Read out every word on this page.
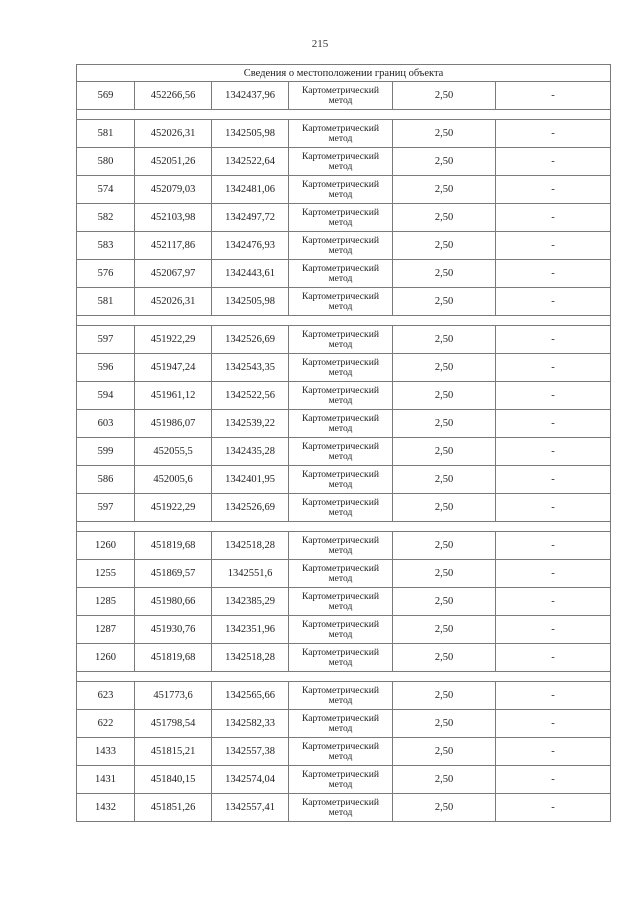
215
Сведения о местоположении границ объекта					
569	452266,56	1342437,96	Картометрический метод	2,50	-

581	452026,31	1342505,98	Картометрический метод	2,50	-
580	452051,26	1342522,64	Картометрический метод	2,50	-
574	452079,03	1342481,06	Картометрический метод	2,50	-
582	452103,98	1342497,72	Картометрический метод	2,50	-
583	452117,86	1342476,93	Картометрический метод	2,50	-
576	452067,97	1342443,61	Картометрический метод	2,50	-
581	452026,31	1342505,98	Картометрический метод	2,50	-

597	451922,29	1342526,69	Картометрический метод	2,50	-
596	451947,24	1342543,35	Картометрический метод	2,50	-
594	451961,12	1342522,56	Картометрический метод	2,50	-
603	451986,07	1342539,22	Картометрический метод	2,50	-
599	452055,5	1342435,28	Картометрический метод	2,50	-
586	452005,6	1342401,95	Картометрический метод	2,50	-
597	451922,29	1342526,69	Картометрический метод	2,50	-

1260	451819,68	1342518,28	Картометрический метод	2,50	-
1255	451869,57	1342551,6	Картометрический метод	2,50	-
1285	451980,66	1342385,29	Картометрический метод	2,50	-
1287	451930,76	1342351,96	Картометрический метод	2,50	-
1260	451819,68	1342518,28	Картометрический метод	2,50	-

623	451773,6	1342565,66	Картометрический метод	2,50	-
622	451798,54	1342582,33	Картометрический метод	2,50	-
1433	451815,21	1342557,38	Картометрический метод	2,50	-
1431	451840,15	1342574,04	Картометрический метод	2,50	-
1432	451851,26	1342557,41	Картометрический метод	2,50	-
